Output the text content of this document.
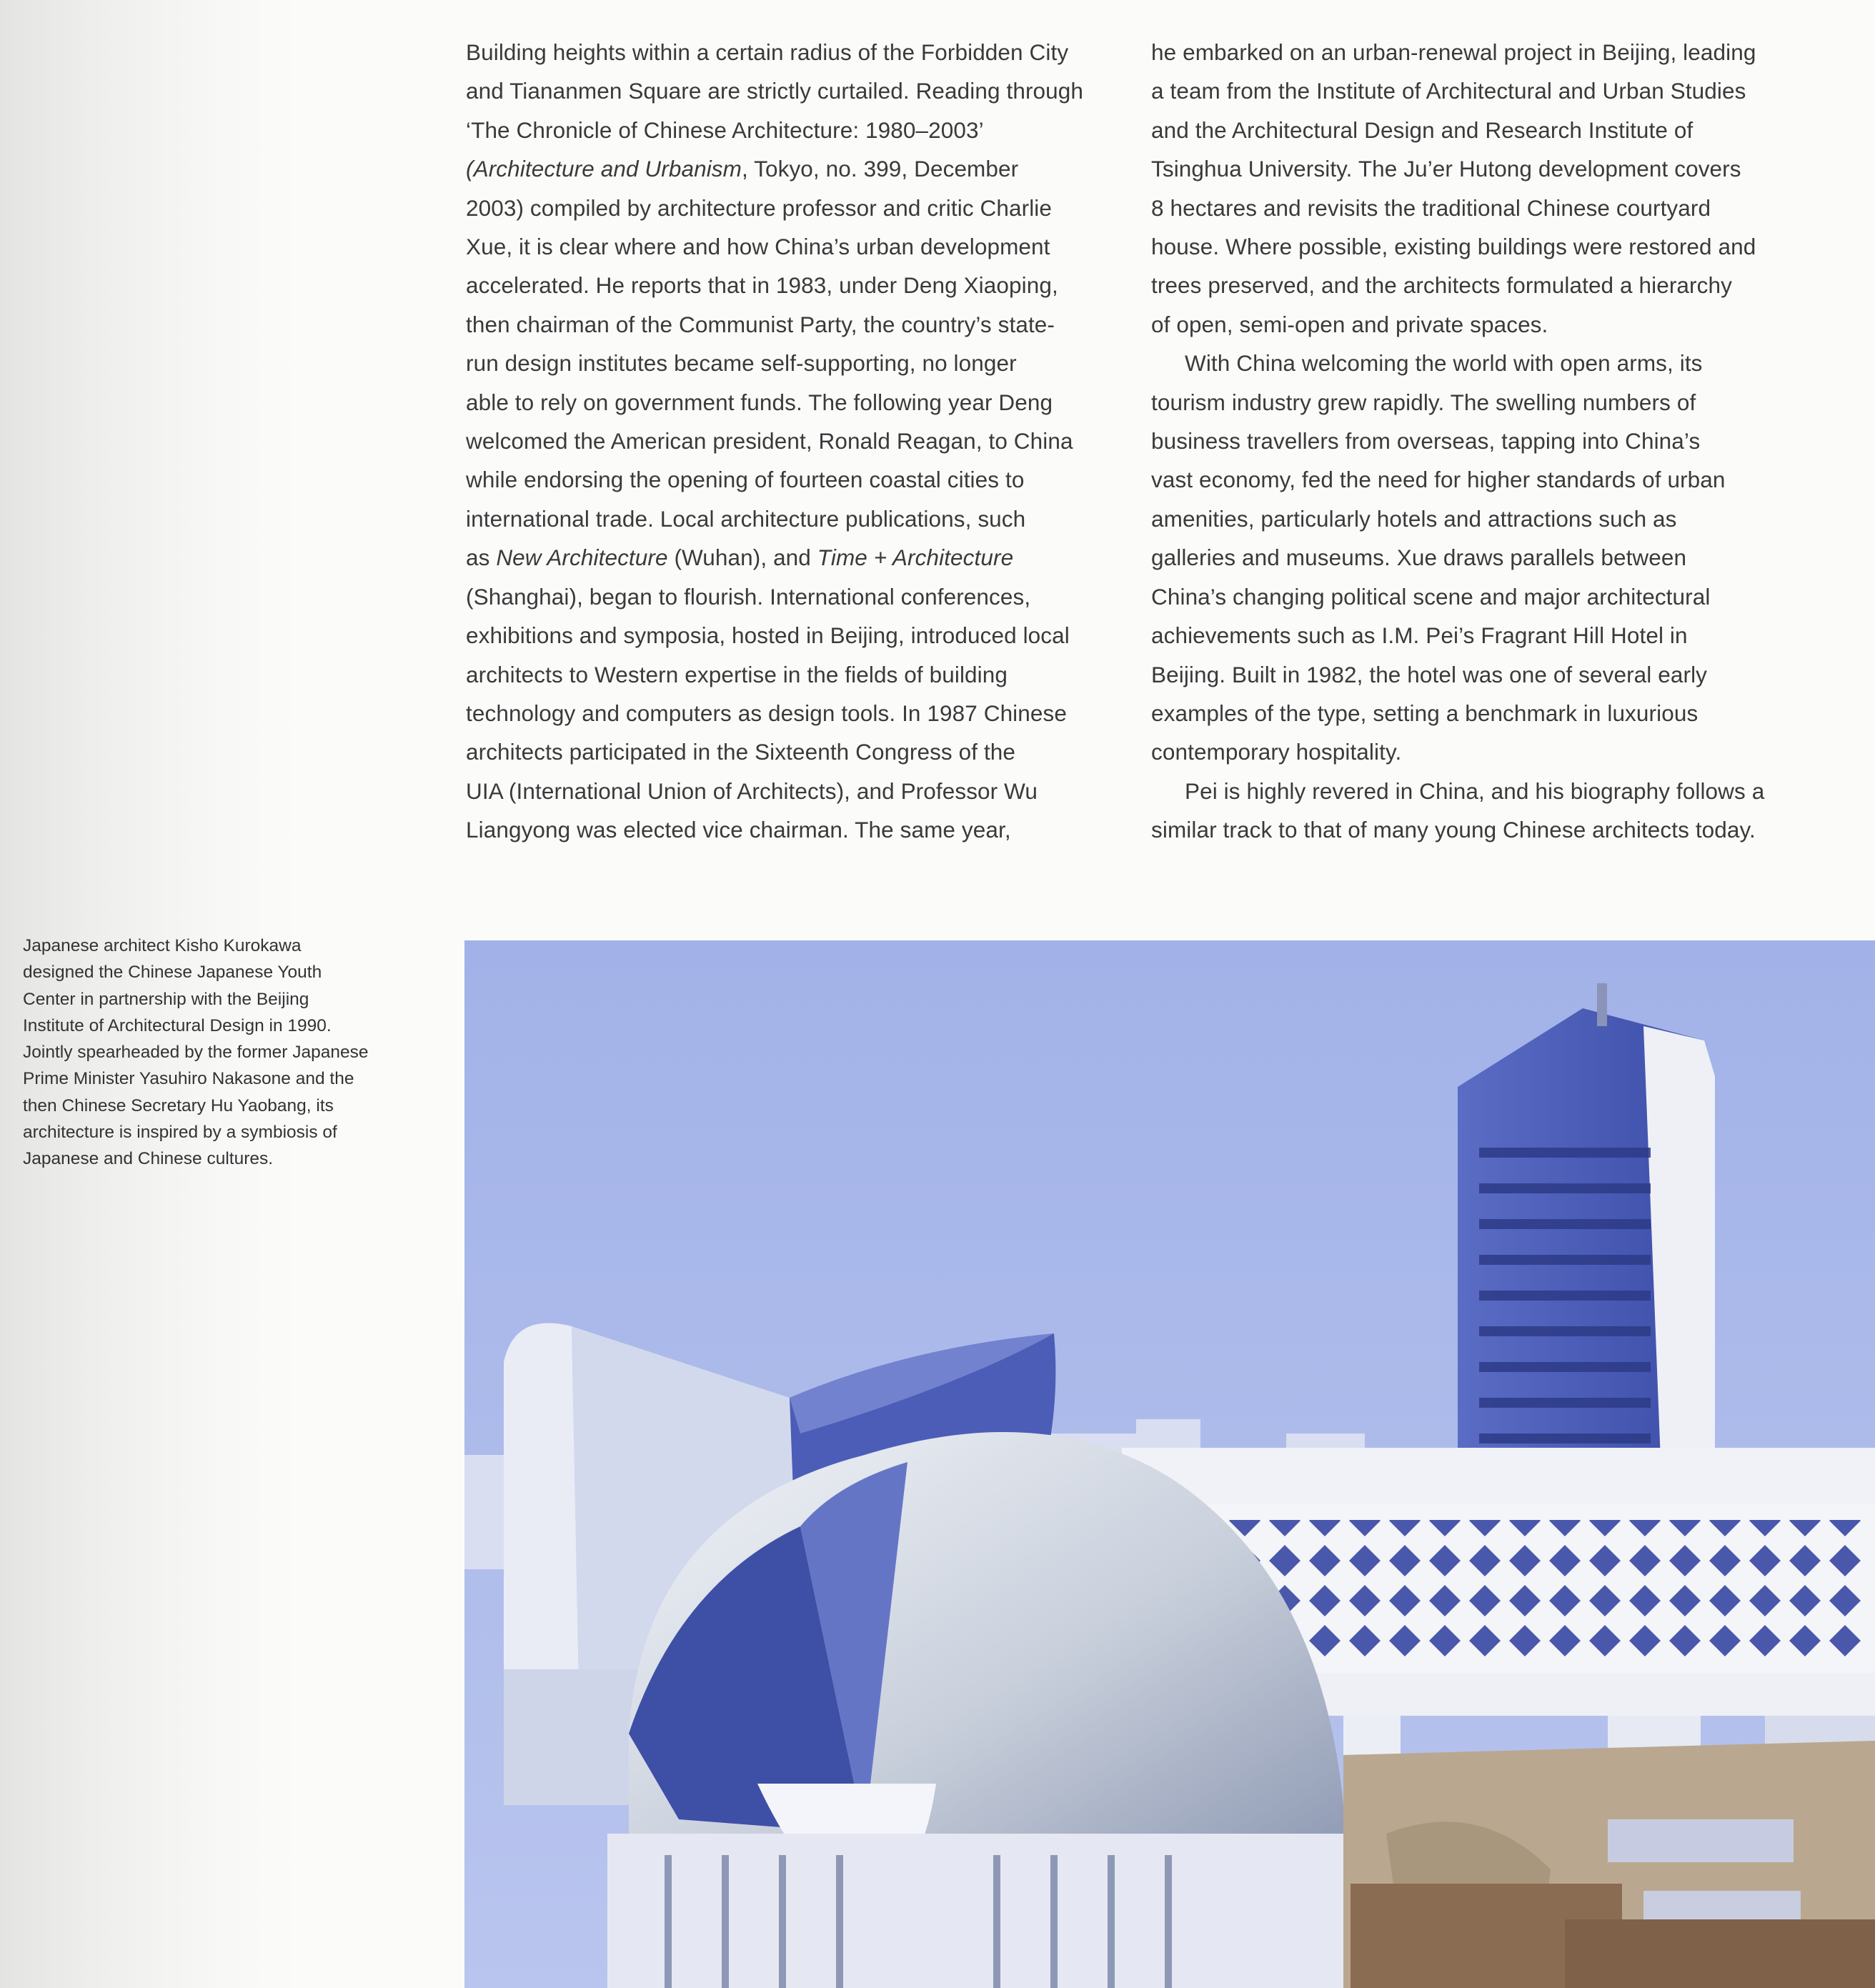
Building heights within a certain radius of the Forbidden City
and Tiananmen Square are strictly curtailed. Reading through
‘The Chronicle of Chinese Architecture: 1980–2003’
(Architecture and Urbanism, Tokyo, no. 399, December
2003) compiled by architecture professor and critic Charlie
Xue, it is clear where and how China’s urban development
accelerated. He reports that in 1983, under Deng Xiaoping,
then chairman of the Communist Party, the country’s state-
run design institutes became self-supporting, no longer
able to rely on government funds. The following year Deng
welcomed the American president, Ronald Reagan, to China
while endorsing the opening of fourteen coastal cities to
international trade. Local architecture publications, such
as New Architecture (Wuhan), and Time + Architecture
(Shanghai), began to flourish. International conferences,
exhibitions and symposia, hosted in Beijing, introduced local
architects to Western expertise in the fields of building
technology and computers as design tools. In 1987 Chinese
architects participated in the Sixteenth Congress of the
UIA (International Union of Architects), and Professor Wu
Liangyong was elected vice chairman. The same year,
he embarked on an urban-renewal project in Beijing, leading
a team from the Institute of Architectural and Urban Studies
and the Architectural Design and Research Institute of
Tsinghua University. The Ju’er Hutong development covers
8 hectares and revisits the traditional Chinese courtyard
house. Where possible, existing buildings were restored and
trees preserved, and the architects formulated a hierarchy
of open, semi-open and private spaces.
With China welcoming the world with open arms, its
tourism industry grew rapidly. The swelling numbers of
business travellers from overseas, tapping into China’s
vast economy, fed the need for higher standards of urban
amenities, particularly hotels and attractions such as
galleries and museums. Xue draws parallels between
China’s changing political scene and major architectural
achievements such as I.M. Pei’s Fragrant Hill Hotel in
Beijing. Built in 1982, the hotel was one of several early
examples of the type, setting a benchmark in luxurious
contemporary hospitality.
Pei is highly revered in China, and his biography follows a
similar track to that of many young Chinese architects today.
Japanese architect Kisho Kurokawa
designed the Chinese Japanese Youth
Center in partnership with the Beijing
Institute of Architectural Design in 1990.
Jointly spearheaded by the former Japanese
Prime Minister Yasuhiro Nakasone and the
then Chinese Secretary Hu Yaobang, its
architecture is inspired by a symbiosis of
Japanese and Chinese cultures.
